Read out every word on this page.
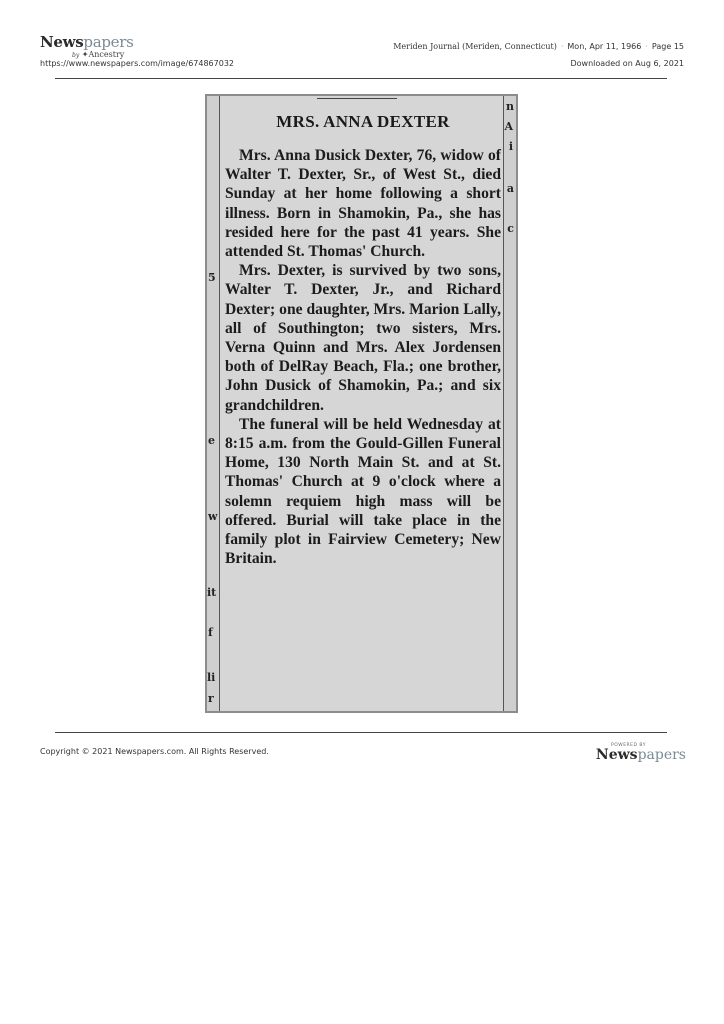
Newspapers
by ✦Ancestry
https://www.newspapers.com/image/674867032
Meriden Journal (Meriden, Connecticut) · Mon, Apr 11, 1966 · Page 15
Downloaded on Aug 6, 2021
n
A
i
a
c
5
e
w
it
f
li
r
MRS. ANNA DEXTER

Mrs. Anna Dusick Dexter, 76, widow of Walter T. Dexter, Sr., of West St., died Sunday at her home following a short illness. Born in Shamokin, Pa., she has resided here for the past 41 years. She attended St. Thomas' Church.

Mrs. Dexter, is survived by two sons, Walter T. Dexter, Jr., and Richard Dexter; one daughter, Mrs. Marion Lally, all of Southington; two sisters, Mrs. Verna Quinn and Mrs. Alex Jordensen both of DelRay Beach, Fla.; one brother, John Dusick of Shamokin, Pa.; and six grandchildren.

The funeral will be held Wednesday at 8:15 a.m. from the Gould-Gillen Funeral Home, 130 North Main St. and at St. Thomas' Church at 9 o'clock where a solemn requiem high mass will be offered. Burial will take place in the family plot in Fairview Cemetery; New Britain.

Copyright © 2021 Newspapers.com. All Rights Reserved.
POWERED BY
Newspapers
